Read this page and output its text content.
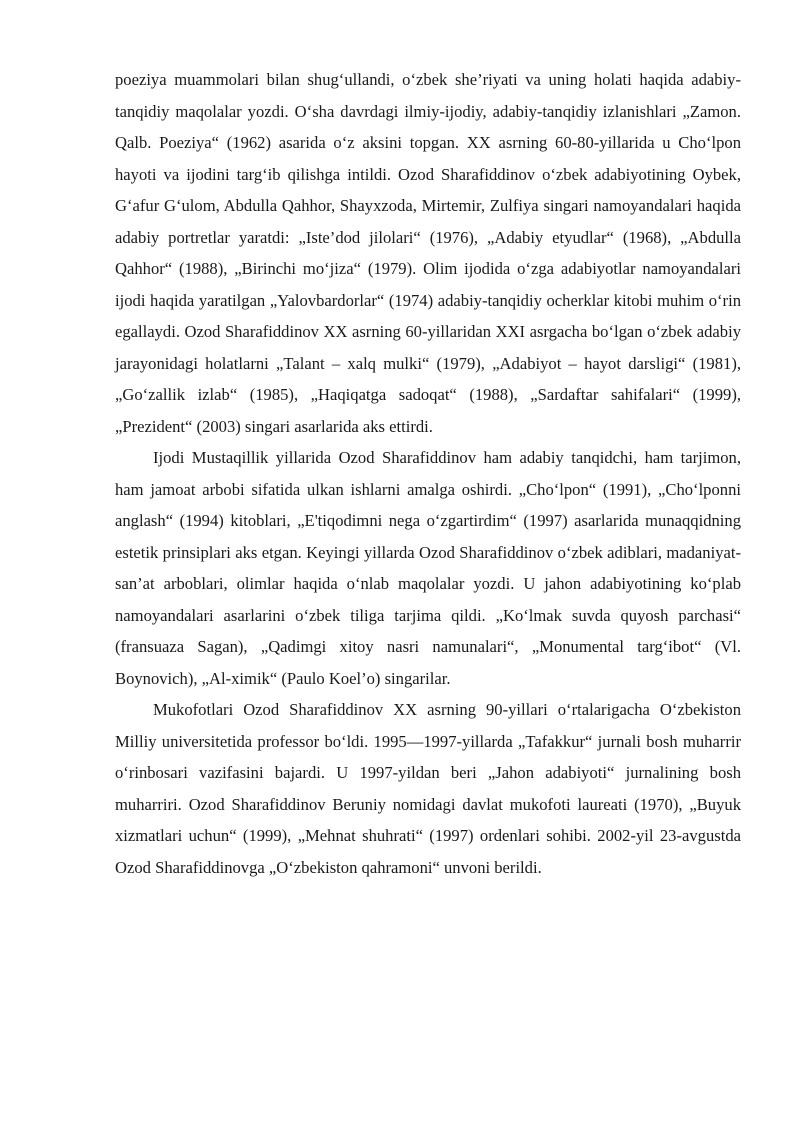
poeziya muammolari bilan shug‘ullandi, o‘zbek she’riyati va uning holati haqida adabiy-tanqidiy maqolalar yozdi. O‘sha davrdagi ilmiy-ijodiy, adabiy-tanqidiy izlanishlari „Zamon. Qalb. Poeziya“ (1962) asarida o‘z aksini topgan. XX asrning 60-80-yillarida u Cho‘lpon hayoti va ijodini targ‘ib qilishga intildi. Ozod Sharafiddinov o‘zbek adabiyotining Oybek, G‘afur G‘ulom, Abdulla Qahhor, Shayxzoda, Mirtemir, Zulfiya singari namoyandalari haqida adabiy portretlar yaratdi: „Iste’dod jilolari“ (1976), „Adabiy etyudlar“ (1968), „Abdulla Qahhor“ (1988), „Birinchi mo‘jiza“ (1979). Olim ijodida o‘zga adabiyotlar namoyandalari ijodi haqida yaratilgan „Yalovbardorlar“ (1974) adabiy-tanqidiy ocherklar kitobi muhim o‘rin egallaydi. Ozod Sharafiddinov XX asrning 60-yillaridan XXI asrgacha bo‘lgan o‘zbek adabiy jarayonidagi holatlarni „Talant – xalq mulki“ (1979), „Adabiyot – hayot darsligi“ (1981), „Go‘zallik izlab“ (1985), „Haqiqatga sadoqat“ (1988), „Sardaftar sahifalari“ (1999), „Prezident“ (2003) singari asarlarida aks ettirdi.

Ijodi Mustaqillik yillarida Ozod Sharafiddinov ham adabiy tanqidchi, ham tarjimon, ham jamoat arbobi sifatida ulkan ishlarni amalga oshirdi. „Cho‘lpon“ (1991), „Cho‘lponni anglash“ (1994) kitoblari, „E'tiqodimni nega o‘zgartirdim“ (1997) asarlarida munaqqidning estetik prinsiplari aks etgan. Keyingi yillarda Ozod Sharafiddinov o‘zbek adiblari, madaniyat-san’at arboblari, olimlar haqida o‘nlab maqolalar yozdi. U jahon adabiyotining ko‘plab namoyandalari asarlarini o‘zbek tiliga tarjima qildi. „Ko‘lmak suvda quyosh parchasi“ (fransuaza Sagan), „Qadimgi xitoy nasri namunalari“, „Monumental targ‘ibot“ (Vl. Boynovich), „Al-ximik“ (Paulo Koel’o) singarilar.

Mukofotlari Ozod Sharafiddinov XX asrning 90-yillari o‘rtalarigacha O‘zbekiston Milliy universitetida professor bo‘ldi. 1995—1997-yillarda „Tafakkur“ jurnali bosh muharrir o‘rinbosari vazifasini bajardi. U 1997-yildan beri „Jahon adabiyoti“ jurnalining bosh muharriri. Ozod Sharafiddinov Beruniy nomidagi davlat mukofoti laureati (1970), „Buyuk xizmatlari uchun“ (1999), „Mehnat shuhrati“ (1997) ordenlari sohibi. 2002-yil 23-avgustda Ozod Sharafiddinovga „O‘zbekiston qahramoni“ unvoni berildi.
